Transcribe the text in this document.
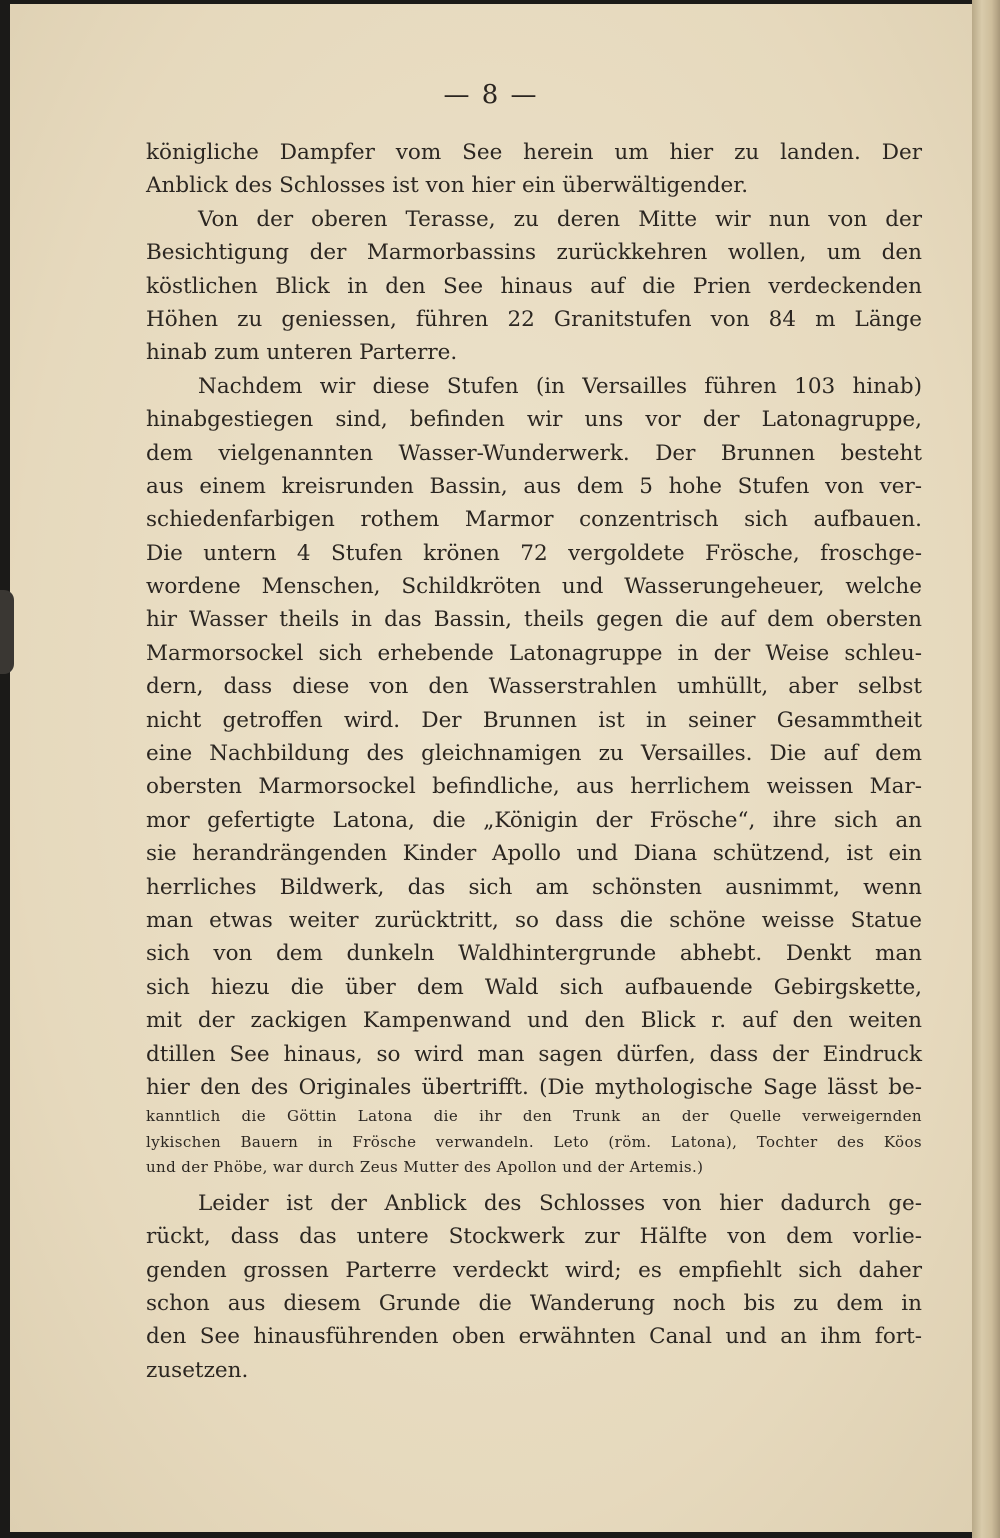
— 8 —
königliche Dampfer vom See herein um hier zu landen. Der
Anblick des Schlosses ist von hier ein überwältigender.
Von der oberen Terasse, zu deren Mitte wir nun von der
Besichtigung der Marmorbassins zurückkehren wollen, um den
köstlichen Blick in den See hinaus auf die Prien verdeckenden
Höhen zu geniessen, führen 22 Granitstufen von 84 m Länge
hinab zum unteren Parterre.
Nachdem wir diese Stufen (in Versailles führen 103 hinab)
hinabgestiegen sind, befinden wir uns vor der Latonagruppe,
dem vielgenannten Wasser-Wunderwerk. Der Brunnen besteht
aus einem kreisrunden Bassin, aus dem 5 hohe Stufen von ver-
schiedenfarbigen rothem Marmor conzentrisch sich aufbauen.
Die untern 4 Stufen krönen 72 vergoldete Frösche, froschge-
wordene Menschen, Schildkröten und Wasserungeheuer, welche
hir Wasser theils in das Bassin, theils gegen die auf dem obersten
Marmorsockel sich erhebende Latonagruppe in der Weise schleu-
dern, dass diese von den Wasserstrahlen umhüllt, aber selbst
nicht getroffen wird. Der Brunnen ist in seiner Gesammtheit
eine Nachbildung des gleichnamigen zu Versailles. Die auf dem
obersten Marmorsockel befindliche, aus herrlichem weissen Mar-
mor gefertigte Latona, die „Königin der Frösche“, ihre sich an
sie herandrängenden Kinder Apollo und Diana schützend, ist ein
herrliches Bildwerk, das sich am schönsten ausnimmt, wenn
man etwas weiter zurücktritt, so dass die schöne weisse Statue
sich von dem dunkeln Waldhintergrunde abhebt. Denkt man
sich hiezu die über dem Wald sich aufbauende Gebirgskette,
mit der zackigen Kampenwand und den Blick r. auf den weiten
dtillen See hinaus, so wird man sagen dürfen, dass der Eindruck
hier den des Originales übertrifft. (Die mythologische Sage lässt be-
kanntlich die Göttin Latona die ihr den Trunk an der Quelle verweigernden
lykischen Bauern in Frösche verwandeln. Leto (röm. Latona), Tochter des Köos
und der Phöbe, war durch Zeus Mutter des Apollon und der Artemis.)
Leider ist der Anblick des Schlosses von hier dadurch ge-
rückt, dass das untere Stockwerk zur Hälfte von dem vorlie-
genden grossen Parterre verdeckt wird; es empfiehlt sich daher
schon aus diesem Grunde die Wanderung noch bis zu dem in
den See hinausführenden oben erwähnten Canal und an ihm fort-
zusetzen.
